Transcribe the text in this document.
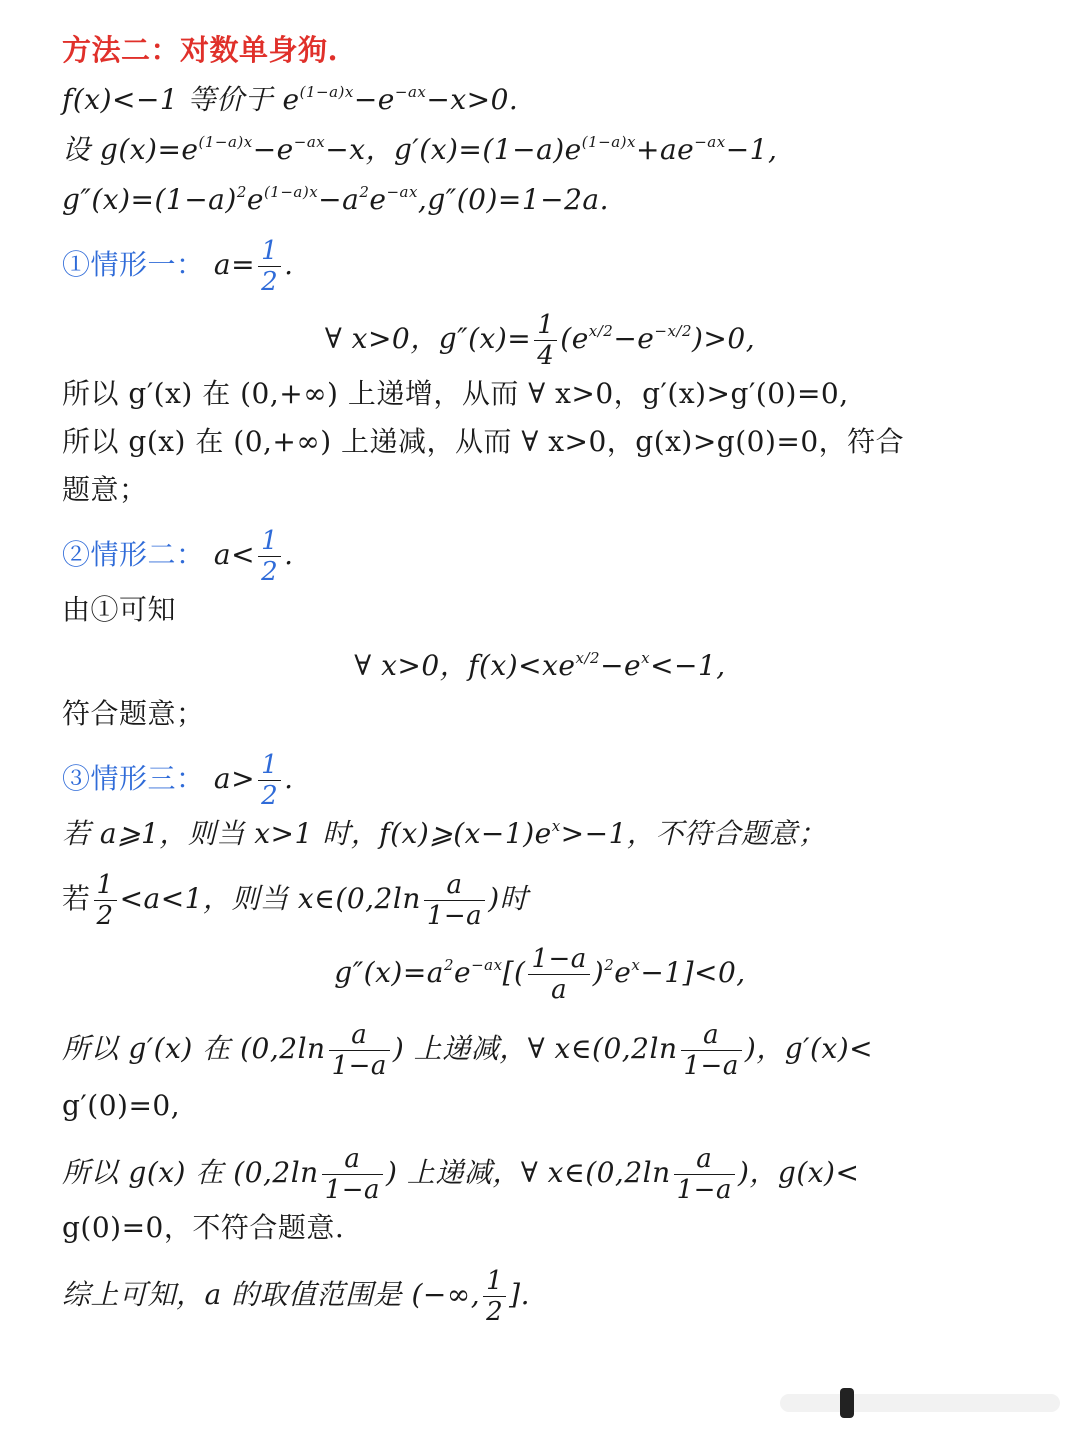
方法二：对数单身狗.
f(x)<−1 等价于 $e^{(1-a)x}-e^{-ax}-x>0$.
设 $g(x)=e^{(1-a)x}-e^{-ax}-x$，$g'(x)=(1-a)e^{(1-a)x}+ae^{-ax}-1$,
$g''(x)=(1-a)^2e^{(1-a)x}-a^2e^{-ax},g''(0)=1-2a$.
①情形一： $a= \frac{1}{2}$ .
∀ x>0，$g''(x)= \frac{1}{4} (e^{x/2}-e^{-x/2})>0$,
所以 g′(x) 在 (0,+∞) 上递增，从而 ∀ x>0，g′(x)>g′(0)=0,
所以 g(x) 在 (0,+∞) 上递减，从而 ∀ x>0，g(x)>g(0)=0，符合
题意；
②情形二： $a< \frac{1}{2}$ .
由①可知
∀ x>0，$f(x)<xe^{x/2}-e^x<-1$,
符合题意；
③情形三： $a> \frac{1}{2}$ .
若 a⩾1，则当 x>1 时，$f(x)⩾(x-1)e^x>-1$，不符合题意；
若 $\frac{1}{2} <a<1$，则当 x∈(0,2ln $\frac{a}{1-a}$ )时
$g''(x)=a^2e^{-ax}[( \frac{1-a}{a} )^2e^x-1]<0$,
所以 g′(x) 在 ($0,2\ln \frac{a}{1-a}$ ) 上递减，∀ x∈(0,2ln $\frac{a}{1-a}$ )，g′(x)<
g′(0)=0,
所以 g(x) 在 ($0,2\ln \frac{a}{1-a}$ ) 上递减，∀ x∈(0,2ln $\frac{a}{1-a}$ )，g(x)<
g(0)=0，不符合题意.
综上可知，a 的取值范围是 (−∞, $\frac{1}{2}$ ].
